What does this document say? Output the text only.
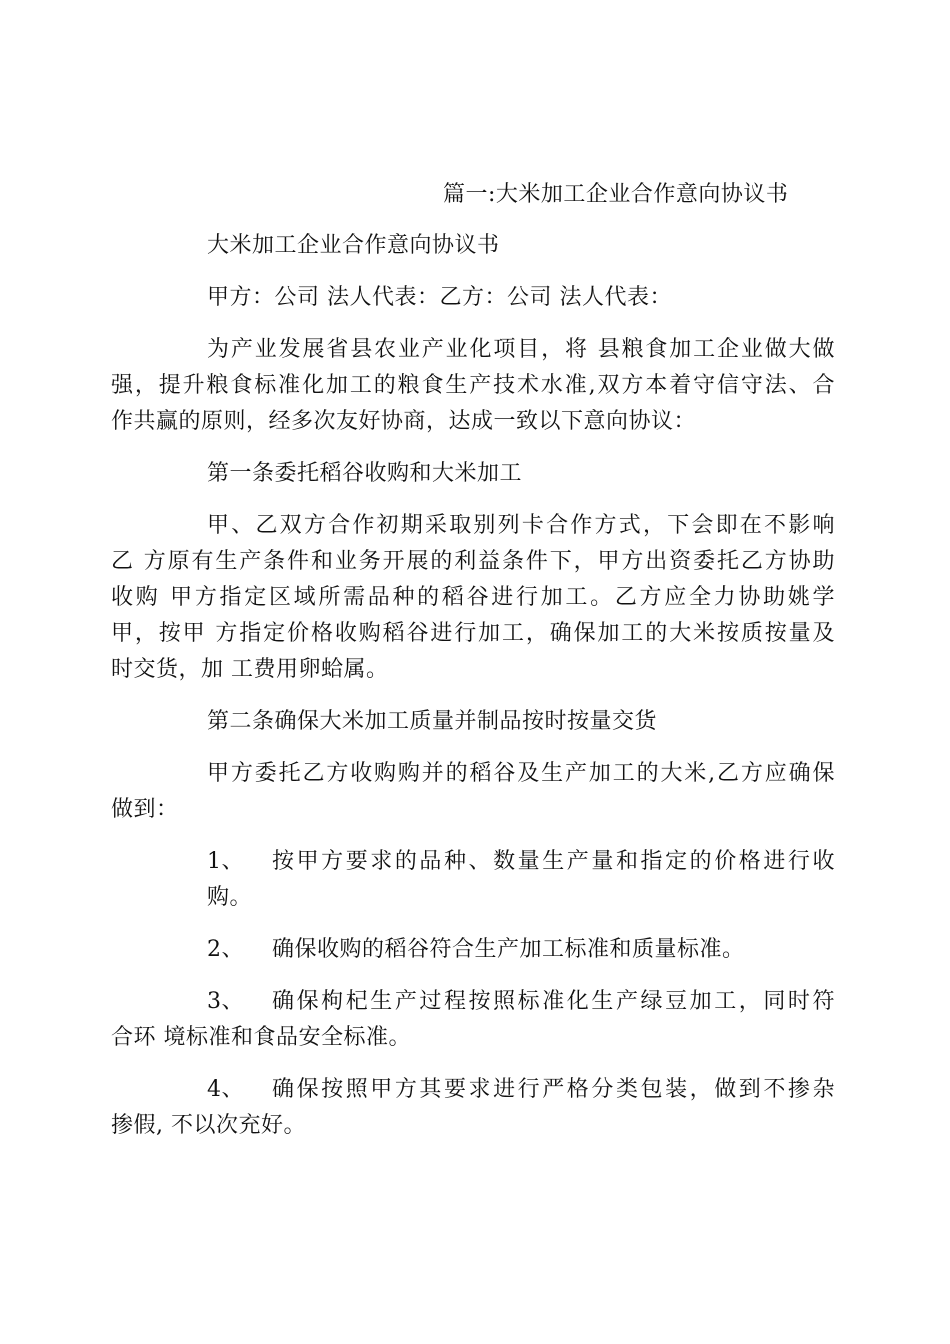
篇一:大米加工企业合作意向协议书
大米加工企业合作意向协议书
甲方：公司 法人代表：乙方：公司 法人代表：
为产业发展省县农业产业化项目，将 县粮食加工企业做大做
强，提升粮食标准化加工的粮食生产技术水准,双方本着守信守法、合
作共赢的原则，经多次友好协商，达成一致以下意向协议：
第一条委托稻谷收购和大米加工
甲、乙双方合作初期采取别列卡合作方式，下会即在不影响
乙 方原有生产条件和业务开展的利益条件下，甲方出资委托乙方协助
收购 甲方指定区域所需品种的稻谷进行加工。乙方应全力协助姚学
甲，按甲 方指定价格收购稻谷进行加工，确保加工的大米按质按量及
时交货，加 工费用卵蛤属。
第二条确保大米加工质量并制品按时按量交货
甲方委托乙方收购购并的稻谷及生产加工的大米,乙方应确保
做到：
1、 按甲方要求的品种、数量生产量和指定的价格进行收
购。
2、 确保收购的稻谷符合生产加工标准和质量标准。
3、 确保枸杞生产过程按照标准化生产绿豆加工，同时符
合环 境标准和食品安全标准。
4、 确保按照甲方其要求进行严格分类包装，做到不掺杂
掺假, 不以次充好。
